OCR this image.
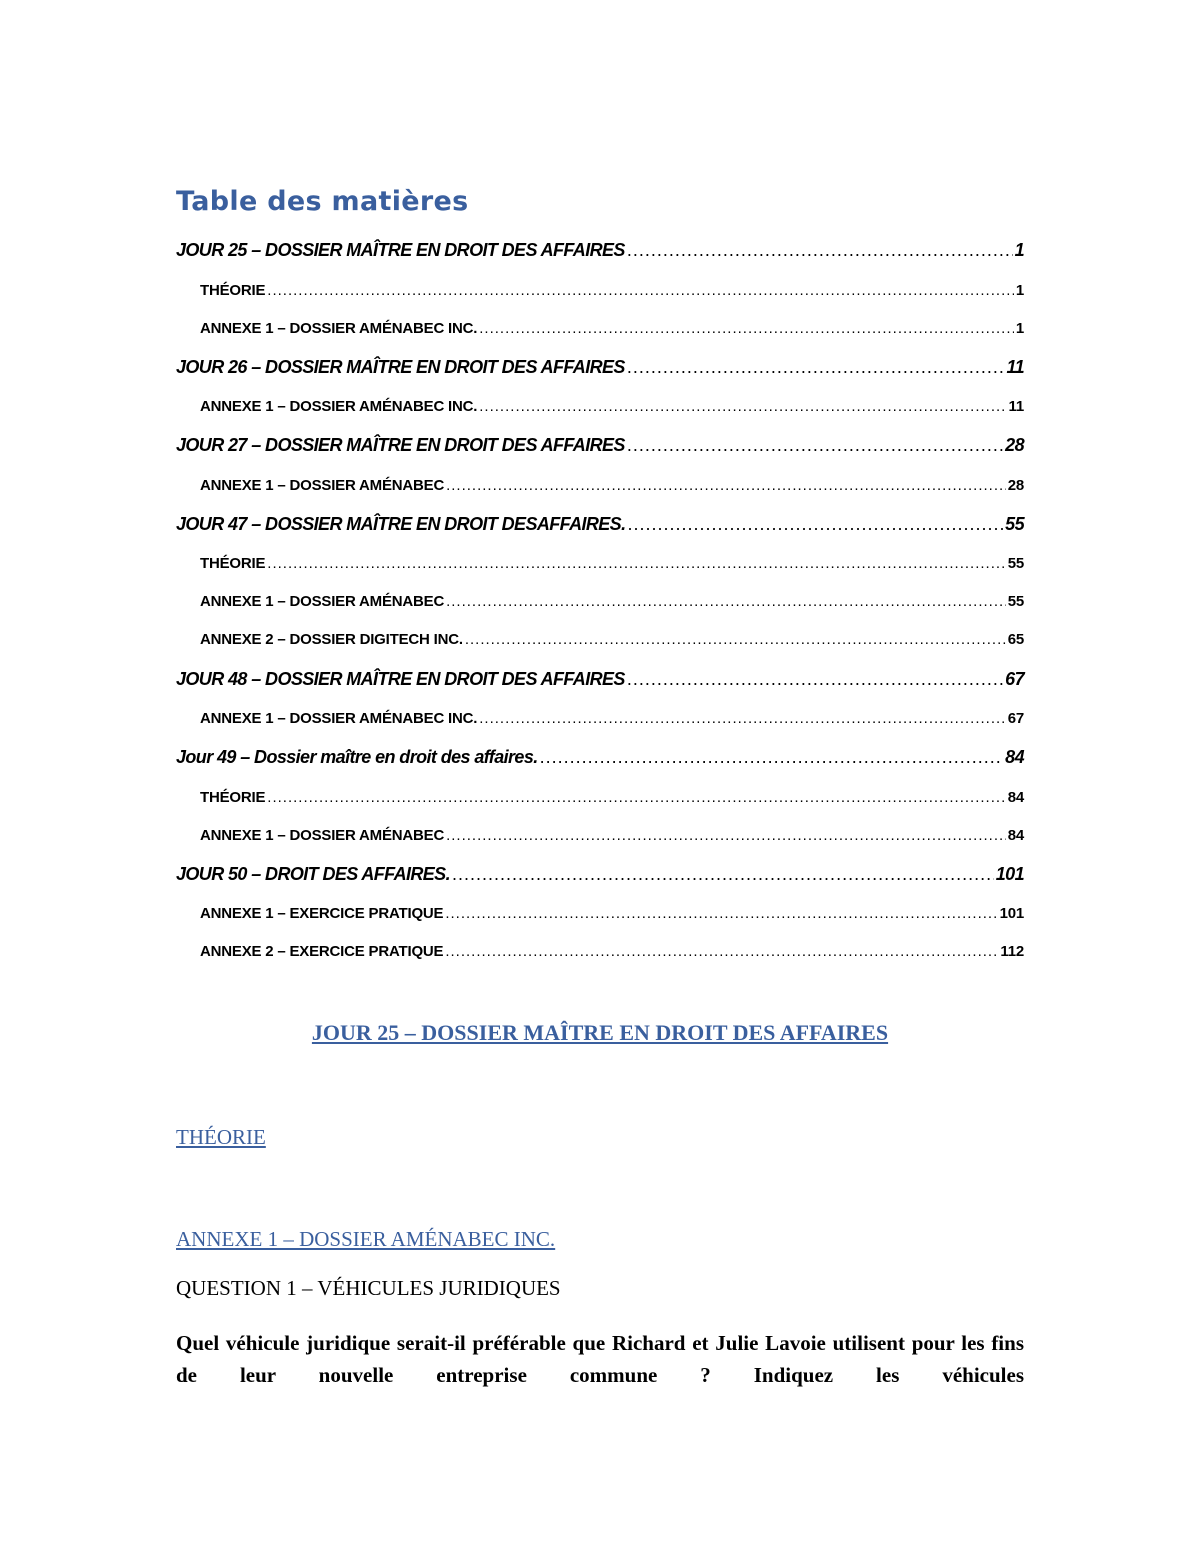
Table des matières
JOUR 25 – DOSSIER MAÎTRE EN DROIT DES AFFAIRES .....	1
THÉORIE .....	1
ANNEXE 1 – DOSSIER AMÉNABEC INC. .....	1
JOUR 26 – DOSSIER MAÎTRE EN DROIT DES AFFAIRES .....	11
ANNEXE 1 – DOSSIER AMÉNABEC INC. .....	11
JOUR 27 – DOSSIER MAÎTRE EN DROIT DES AFFAIRES .....	28
ANNEXE 1 – DOSSIER AMÉNABEC .....	28
JOUR 47 – DOSSIER MAÎTRE EN DROIT DESAFFAIRES. .....	55
THÉORIE .....	55
ANNEXE 1 – DOSSIER AMÉNABEC .....	55
ANNEXE 2 – DOSSIER DIGITECH INC. .....	65
JOUR 48 – DOSSIER MAÎTRE EN DROIT DES AFFAIRES .....	67
ANNEXE 1 – DOSSIER AMÉNABEC INC. .....	67
Jour 49 – Dossier maître en droit des affaires. .....	84
THÉORIE .....	84
ANNEXE 1 – DOSSIER AMÉNABEC .....	84
JOUR 50 – DROIT DES AFFAIRES. .....	101
ANNEXE 1 – EXERCICE PRATIQUE .....	101
ANNEXE 2 – EXERCICE PRATIQUE .....	112
JOUR 25 – DOSSIER MAÎTRE EN DROIT DES AFFAIRES
THÉORIE
ANNEXE 1 – DOSSIER AMÉNABEC INC.
QUESTION 1 – VÉHICULES JURIDIQUES
Quel véhicule juridique serait-il préférable que Richard et Julie Lavoie utilisent pour les fins de leur nouvelle entreprise commune ? Indiquez les véhicules
